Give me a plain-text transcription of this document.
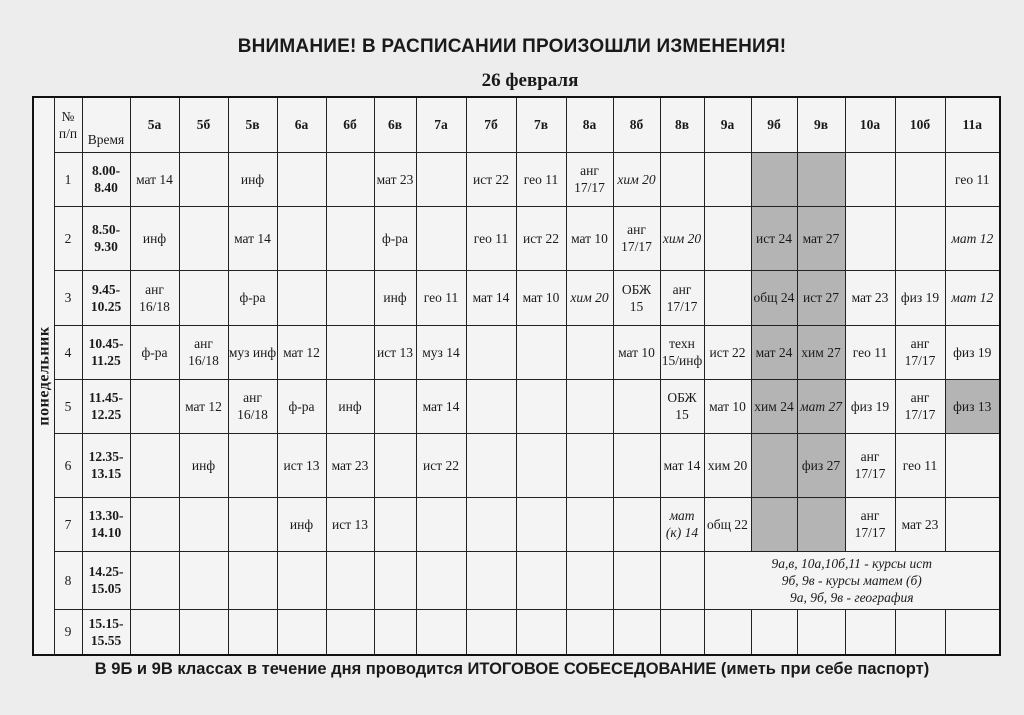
ВНИМАНИЕ! В РАСПИСАНИИ ПРОИЗОШЛИ ИЗМЕНЕНИЯ!
26 февраля
понедельник	№ п/п	Время	5а	5б	5в	6а	6б	6в	7а	7б	7в	8а	8б	8в	9а	9б	9в	10а	10б	11а
	1	8.00-8.40	мат 14		инф			мат 23		ист 22	гео 11	анг 17/17	хим 20							гео 11
	2	8.50-9.30	инф		мат 14			ф-ра		гео 11	ист 22	мат 10	анг 17/17	хим 20		ист 24	мат 27			мат 12
	3	9.45-10.25	анг 16/18		ф-ра			инф	гео 11	мат 14	мат 10	хим 20	ОБЖ 15	анг 17/17		общ 24	ист 27	мат 23	физ 19	мат 12
	4	10.45-11.25	ф-ра	анг 16/18	муз инф	мат 12		ист 13	муз 14				мат 10	техн 15/инф	ист 22	мат 24	хим 27	гео 11	анг 17/17	физ 19
	5	11.45-12.25		мат 12	анг 16/18	ф-ра	инф		мат 14					ОБЖ 15	мат 10	хим 24	мат 27	физ 19	анг 17/17	физ 13
	6	12.35-13.15		инф		ист 13	мат 23		ист 22					мат 14	хим 20		физ 27	анг 17/17	гео 11	
	7	13.30-14.10				инф	ист 13							мат (к) 14	общ 22			анг 17/17	мат 23	
	8	14.25-15.05													9а,в, 10а,10б,11 - курсы ист
9б, 9в - курсы матем (б)
9а, 9б, 9в - география					

	9	15.15-15.55																		
В 9Б и 9В классах в течение дня проводится ИТОГОВОЕ СОБЕСЕДОВАНИЕ (иметь при себе паспорт)
